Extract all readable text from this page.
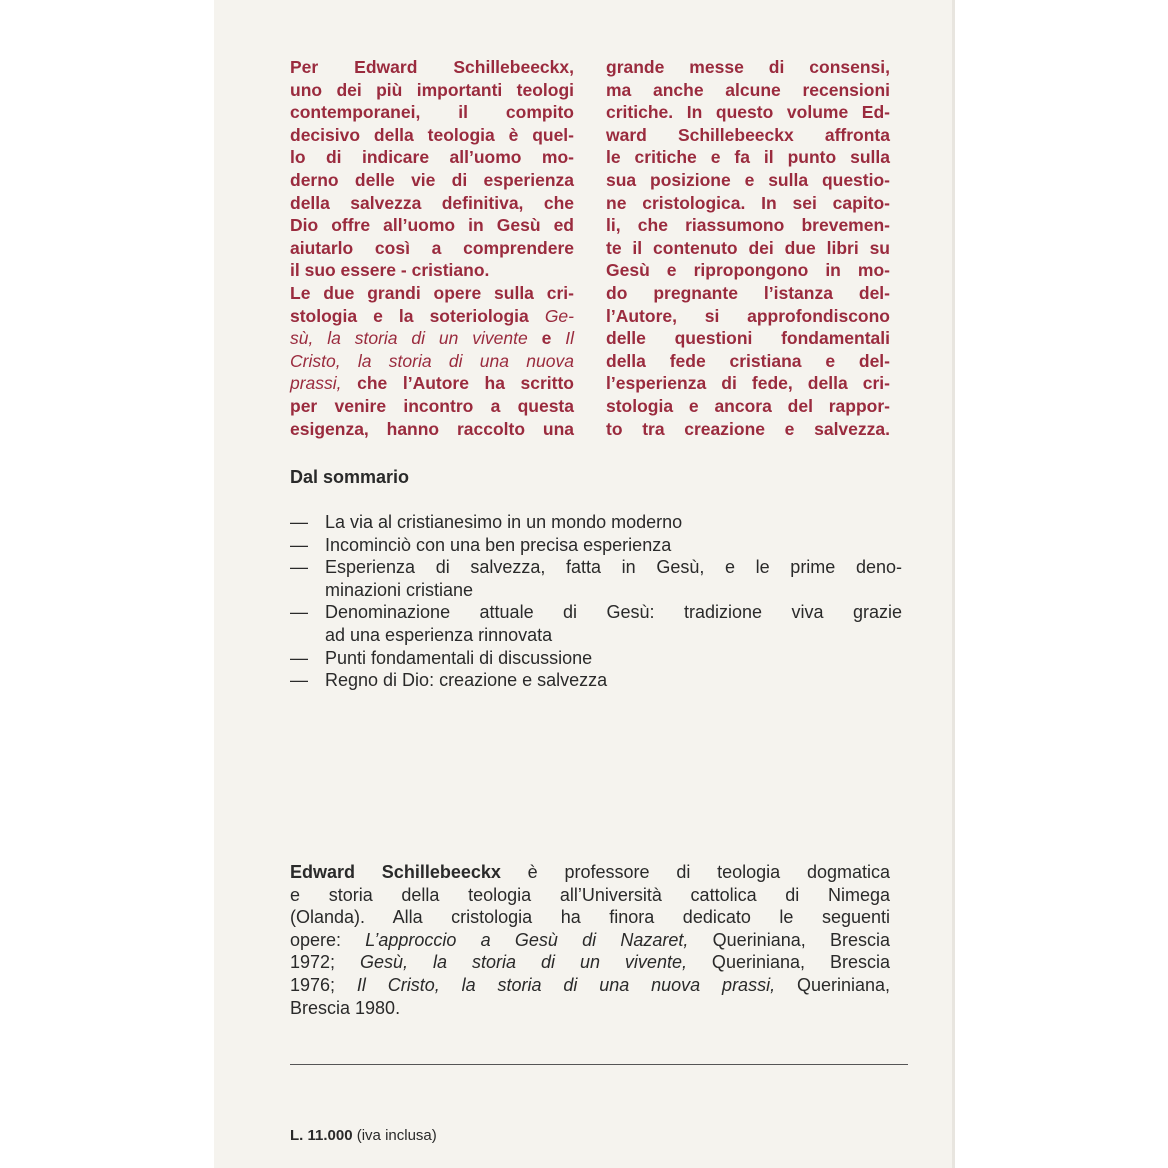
Per Edward Schillebeeckx,
uno dei più importanti teologi
contemporanei, il compito
decisivo della teologia è quel-
lo di indicare all’uomo mo-
derno delle vie di esperienza
della salvezza definitiva, che
Dio offre all’uomo in Gesù ed
aiutarlo così a comprendere
il suo essere - cristiano.
Le due grandi opere sulla cri-
stologia e la soteriologia Ge-
sù, la storia di un vivente e Il
Cristo, la storia di una nuova
prassi, che l’Autore ha scritto
per venire incontro a questa
esigenza, hanno raccolto una
grande messe di consensi,
ma anche alcune recensioni
critiche. In questo volume Ed-
ward Schillebeeckx affronta
le critiche e fa il punto sulla
sua posizione e sulla questio-
ne cristologica. In sei capito-
li, che riassumono brevemen-
te il contenuto dei due libri su
Gesù e ripropongono in mo-
do pregnante l’istanza del-
l’Autore, si approfondiscono
delle questioni fondamentali
della fede cristiana e del-
l’esperienza di fede, della cri-
stologia e ancora del rappor-
to tra creazione e salvezza.
Dal sommario
— La via al cristianesimo in un mondo moderno
— Incominciò con una ben precisa esperienza
— Esperienza di salvezza, fatta in Gesù, e le prime deno-
minazioni cristiane
— Denominazione attuale di Gesù: tradizione viva grazie
ad una esperienza rinnovata
— Punti fondamentali di discussione
— Regno di Dio: creazione e salvezza
Edward Schillebeeckx è professore di teologia dogmatica
e storia della teologia all’Università cattolica di Nimega
(Olanda). Alla cristologia ha finora dedicato le seguenti
opere: L’approccio a Gesù di Nazaret, Queriniana, Brescia
1972; Gesù, la storia di un vivente, Queriniana, Brescia
1976; Il Cristo, la storia di una nuova prassi, Queriniana,
Brescia 1980.
L. 11.000 (iva inclusa)
